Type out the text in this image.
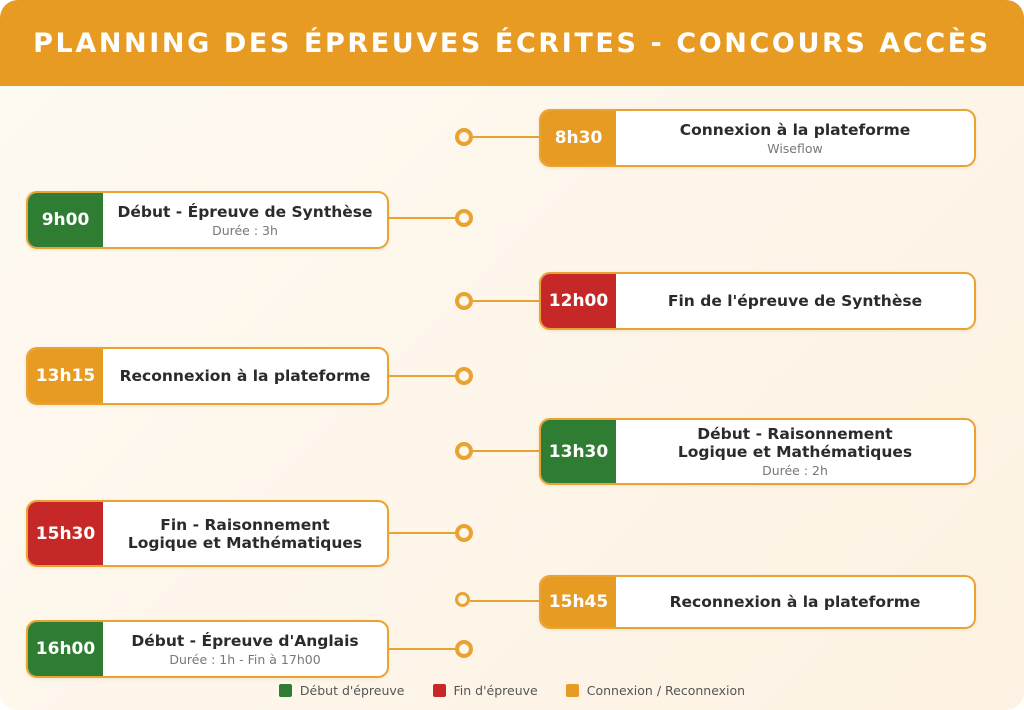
PLANNING DES ÉPREUVES ÉCRITES - CONCOURS ACCÈS
8h30	Connexion à la plateforme
Wiseflow
9h00	Début - Épreuve de Synthèse
Durée : 3h
12h00	Fin de l'épreuve de Synthèse
13h15	Reconnexion à la plateforme
13h30
Début - Raisonnement
Logique et Mathématiques
Durée : 2h
15h30	Fin - Raisonnement
Logique et Mathématiques
15h45	Reconnexion à la plateforme
16h00	Début - Épreuve d'Anglais
Durée : 1h - Fin à 17h00
Début d'épreuve	Fin d'épreuve	Connexion / Reconnexion
